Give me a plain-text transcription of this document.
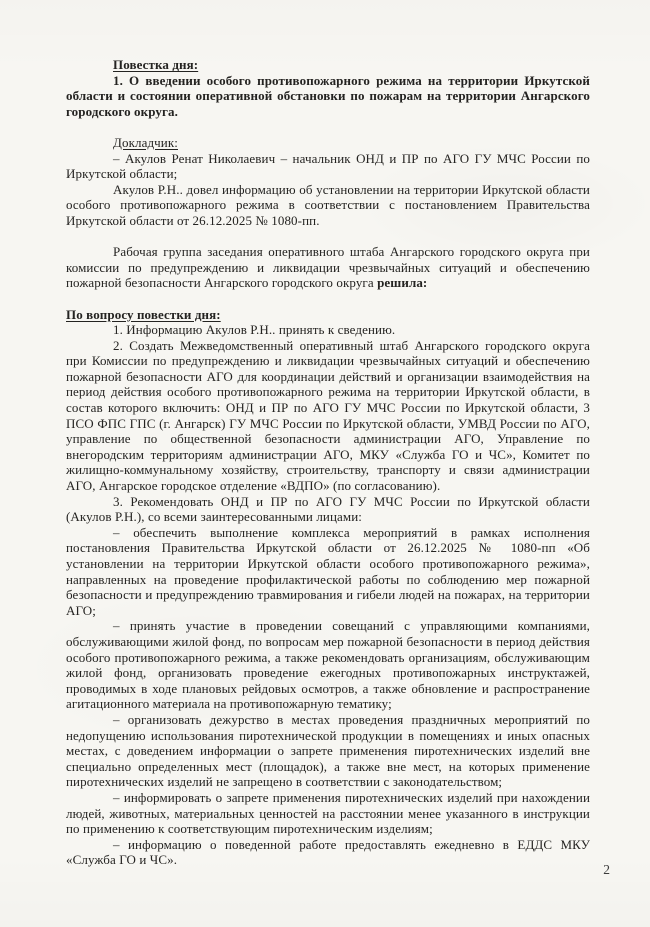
Повестка дня:

1. О введении особого противопожарного режима на территории Иркутской области и состоянии оперативной обстановки по пожарам на территории Ангарского городского округа.

Докладчик:

– Акулов Ренат Николаевич – начальник ОНД и ПР по АГО ГУ МЧС России по Иркутской области;

Акулов Р.Н.. довел информацию об установлении на территории Иркутской области особого противопожарного режима в соответствии с постановлением Правительства Иркутской области от 26.12.2025 № 1080-пп.

Рабочая группа заседания оперативного штаба Ангарского городского округа при комиссии по предупреждению и ликвидации чрезвычайных ситуаций и обеспечению пожарной безопасности Ангарского городского округа решила:

По вопросу повестки дня:

1. Информацию Акулов Р.Н.. принять к сведению.

2. Создать Межведомственный оперативный штаб Ангарского городского округа при Комиссии по предупреждению и ликвидации чрезвычайных ситуаций и обеспечению пожарной безопасности АГО для координации действий и организации взаимодействия на период действия особого противопожарного режима на территории Иркутской области, в состав которого включить: ОНД и ПР по АГО ГУ МЧС России по Иркутской области, 3 ПСО ФПС ГПС (г. Ангарск) ГУ МЧС России по Иркутской области, УМВД России по АГО, управление по общественной безопасности администрации АГО, Управление по внегородским территориям администрации АГО, МКУ «Служба ГО и ЧС», Комитет по жилищно-коммунальному хозяйству, строительству, транспорту и связи администрации АГО, Ангарское городское отделение «ВДПО» (по согласованию).

3. Рекомендовать ОНД и ПР по АГО ГУ МЧС России по Иркутской области (Акулов Р.Н.), со всеми заинтересованными лицами:

– обеспечить выполнение комплекса мероприятий в рамках исполнения постановления Правительства Иркутской области от 26.12.2025 № 1080-пп «Об установлении на территории Иркутской области особого противопожарного режима», направленных на проведение профилактической работы по соблюдению мер пожарной безопасности и предупреждению травмирования и гибели людей на пожарах, на территории АГО;

– принять участие в проведении совещаний с управляющими компаниями, обслуживающими жилой фонд, по вопросам мер пожарной безопасности в период действия особого противопожарного режима, а также рекомендовать организациям, обслуживающим жилой фонд, организовать проведение ежегодных противопожарных инструктажей, проводимых в ходе плановых рейдовых осмотров, а также обновление и распространение агитационного материала на противопожарную тематику;

– организовать дежурство в местах проведения праздничных мероприятий по недопущению использования пиротехнической продукции в помещениях и иных опасных местах, с доведением информации о запрете применения пиротехнических изделий вне специально определенных мест (площадок), а также вне мест, на которых применение пиротехнических изделий не запрещено в соответствии с законодательством;

– информировать о запрете применения пиротехнических изделий при нахождении людей, животных, материальных ценностей на расстоянии менее указанного в инструкции по применению к соответствующим пиротехническим изделиям;

– информацию о поведенной работе предоставлять ежедневно в ЕДДС МКУ «Служба ГО и ЧС».

2
